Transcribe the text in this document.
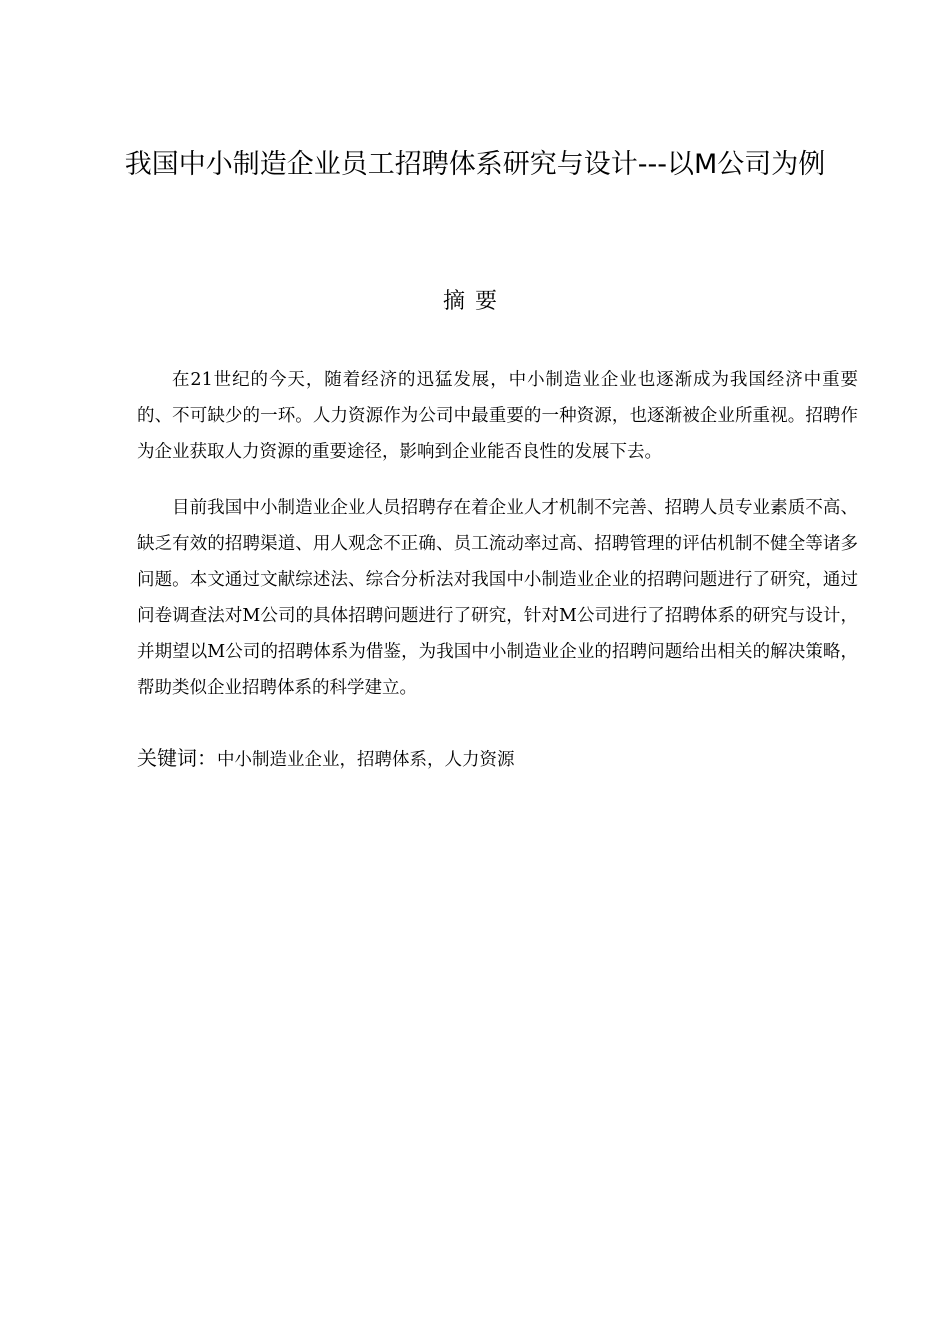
我国中小制造企业员工招聘体系研究与设计---以M公司为例
摘要

在21世纪的今天，随着经济的迅猛发展，中小制造业企业也逐渐成为我国经济中重要的、不可缺少的一环。人力资源作为公司中最重要的一种资源，也逐渐被企业所重视。招聘作为企业获取人力资源的重要途径，影响到企业能否良性的发展下去。

目前我国中小制造业企业人员招聘存在着企业人才机制不完善、招聘人员专业素质不高、缺乏有效的招聘渠道、用人观念不正确、员工流动率过高、招聘管理的评估机制不健全等诸多问题。本文通过文献综述法、综合分析法对我国中小制造业企业的招聘问题进行了研究，通过问卷调查法对M公司的具体招聘问题进行了研究，针对M公司进行了招聘体系的研究与设计，并期望以M公司的招聘体系为借鉴，为我国中小制造业企业的招聘问题给出相关的解决策略，帮助类似企业招聘体系的科学建立。

关键词：中小制造业企业，招聘体系，人力资源
